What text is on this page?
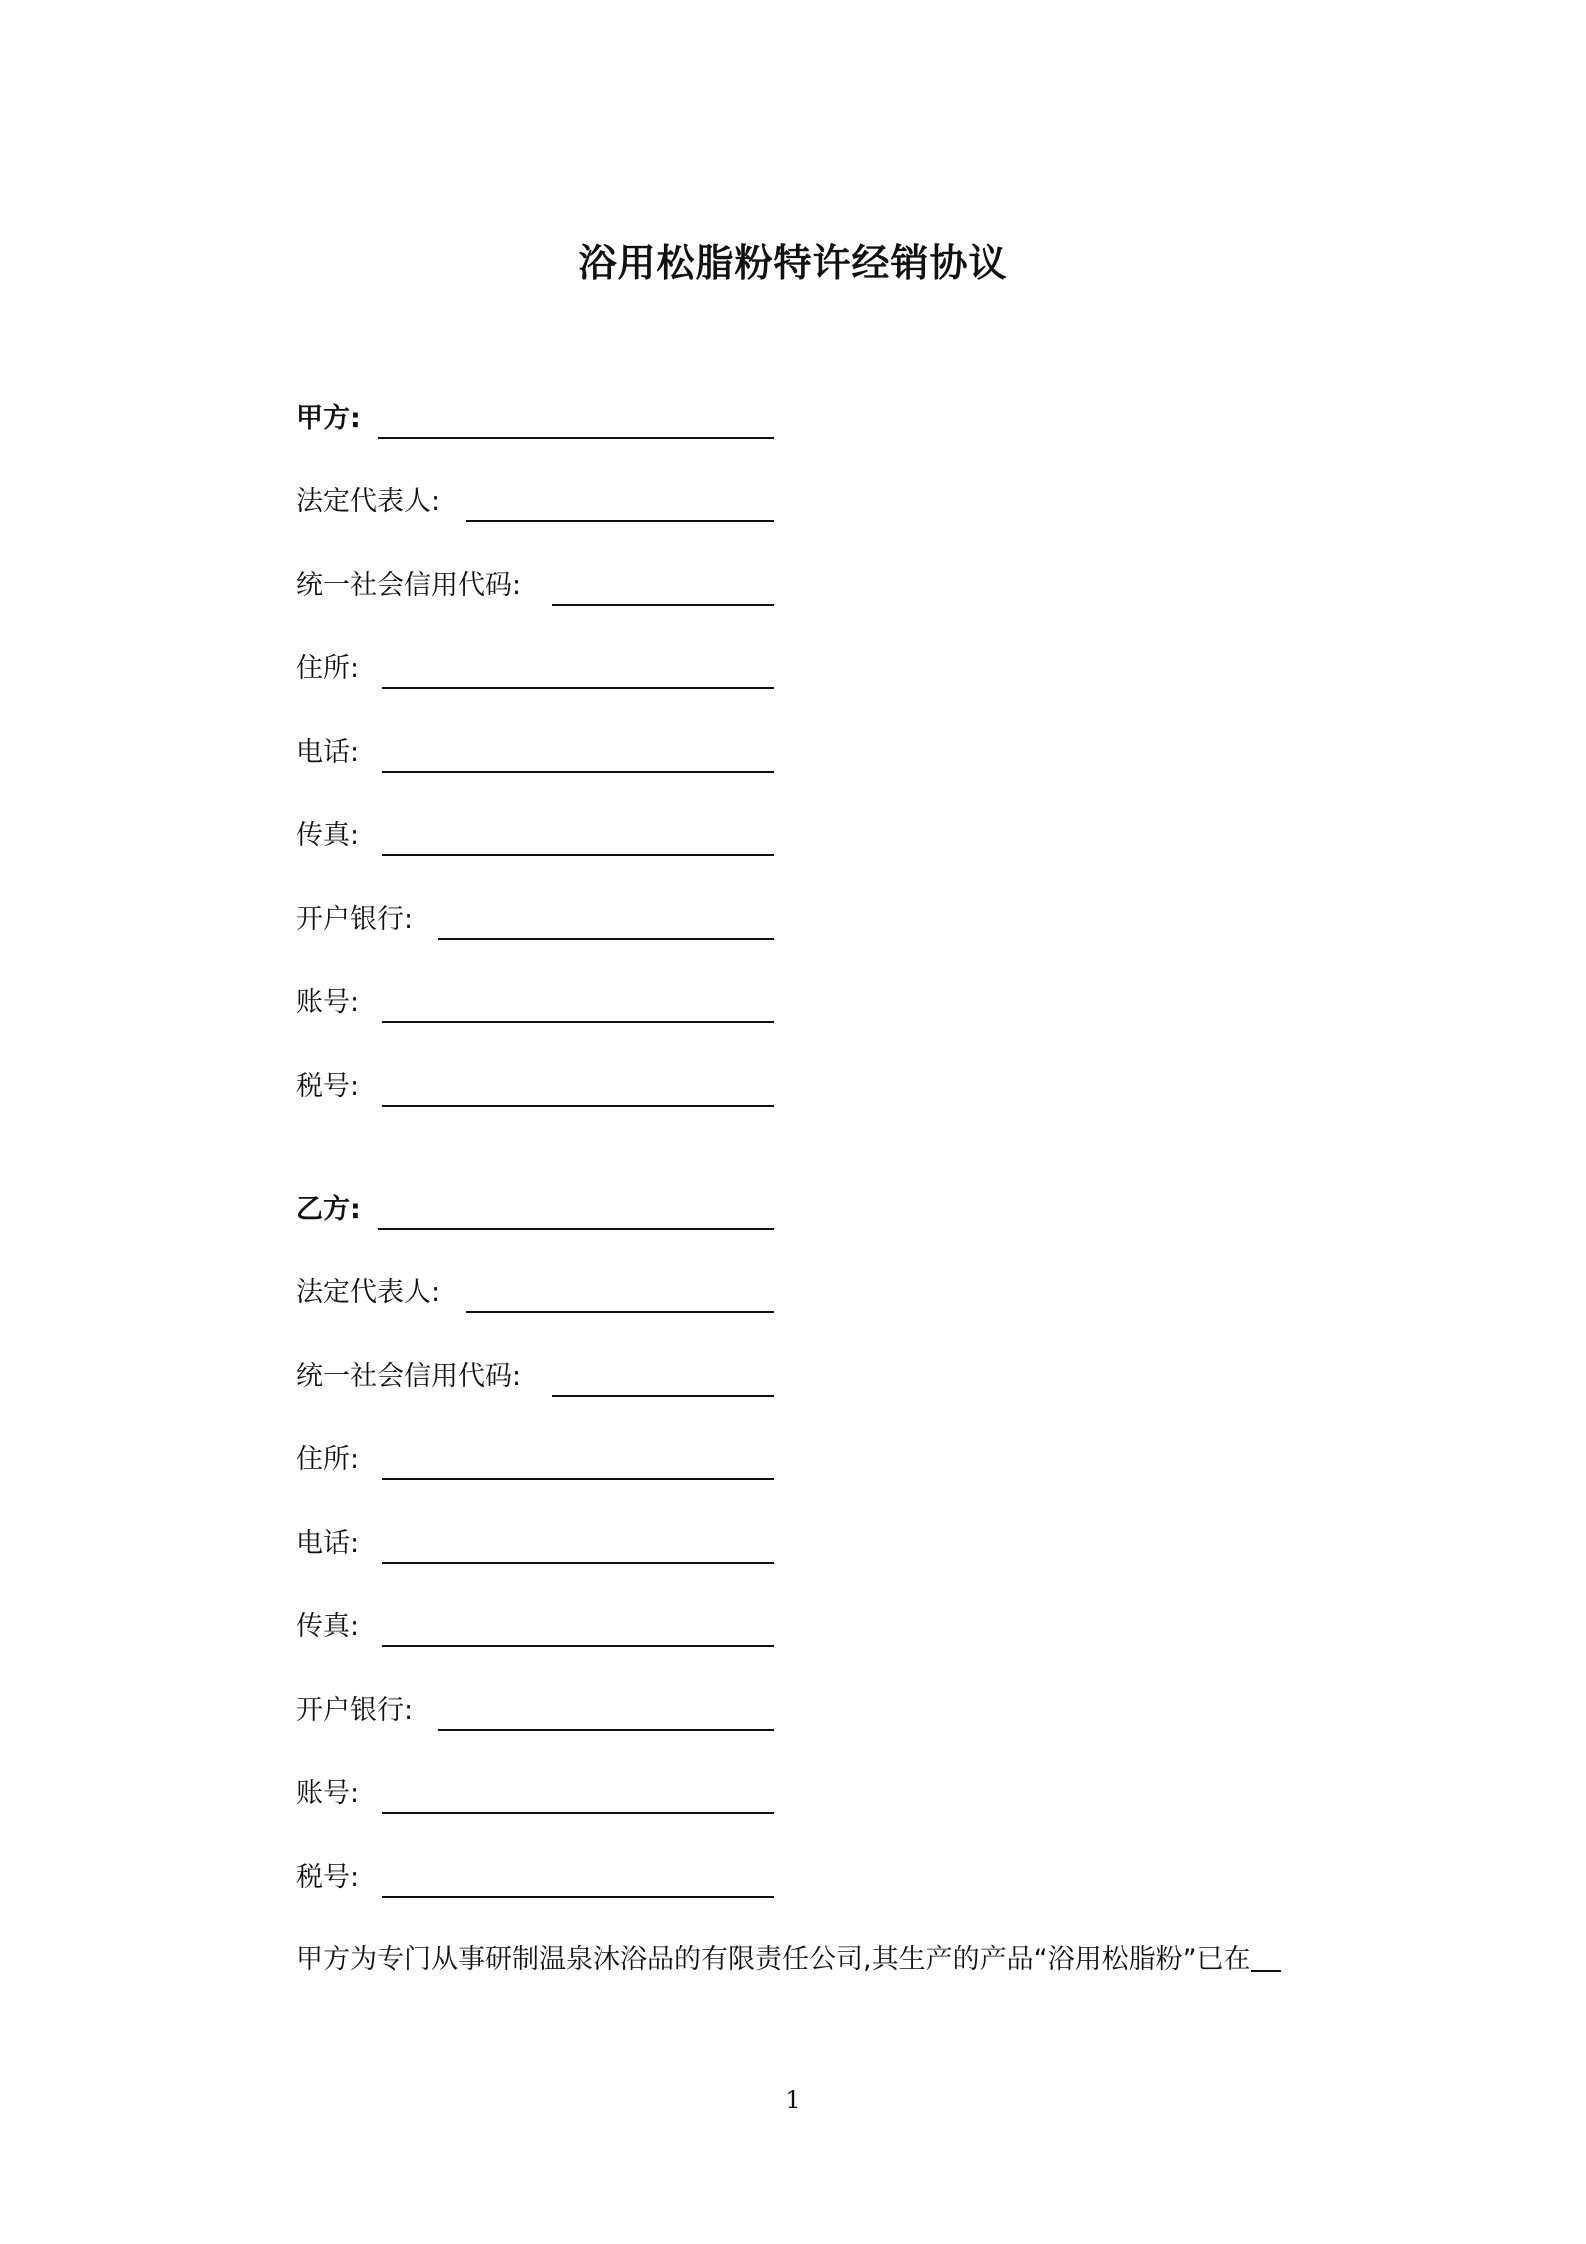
浴用松脂粉特许经销协议
甲方:
法定代表人:
统一社会信用代码:
住所:
电话:
传真:
开户银行:
账号:
税号:
乙方:
法定代表人:
统一社会信用代码:
住所:
电话:
传真:
开户银行:
账号:
税号:

甲方为专门从事研制温泉沐浴品的有限责任公司,其生产的产品“浴用松脂粉”已在

1
